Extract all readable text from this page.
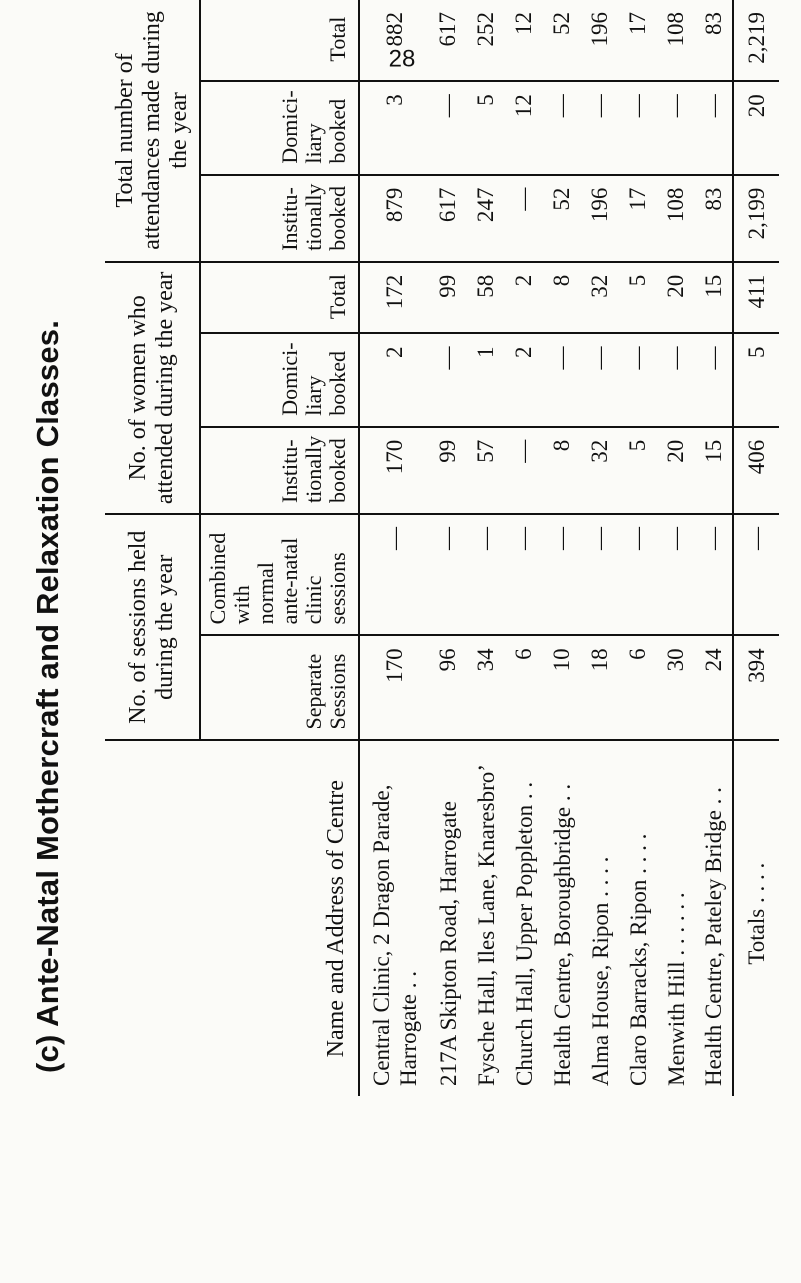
(c) Ante-Natal Mothercraft and Relaxation Classes.	Name and Address of Centre	No. of sessions held during the year		No. of women who attended during the year			Total number of attendances made during the year		
	Separate Sessions	Combined with normal ante-natal clinic sessions	Institu-tionally booked	Domici-liary booked	Total	Institu-tionally booked	Domici-liary booked	Total
Central Clinic, 2 Dragon Parade, Harrogate . .	170	—	170	2	172	879	3	882
217A Skipton Road, Harrogate	96	—	99	—	99	617	—	617
Fysche Hall, Iles Lane, Knaresbro’	34	—	57	1	58	247	5	252
Church Hall, Upper Poppleton . .	6	—	—	2	2	—	12	12
Health Centre, Boroughbridge . .	10	—	8	—	8	52	—	52
Alma House, Ripon . . . .	18	—	32	—	32	196	—	196
Claro Barracks, Ripon . . . .	6	—	5	—	5	17	—	17
Menwith Hill . . . . . .	30	—	20	—	20	108	—	108
Health Centre, Pateley Bridge . .	24	—	15	—	15	83	—	83
Totals . . . .	394	—	406	5	411	2,199	20	2,219
28
